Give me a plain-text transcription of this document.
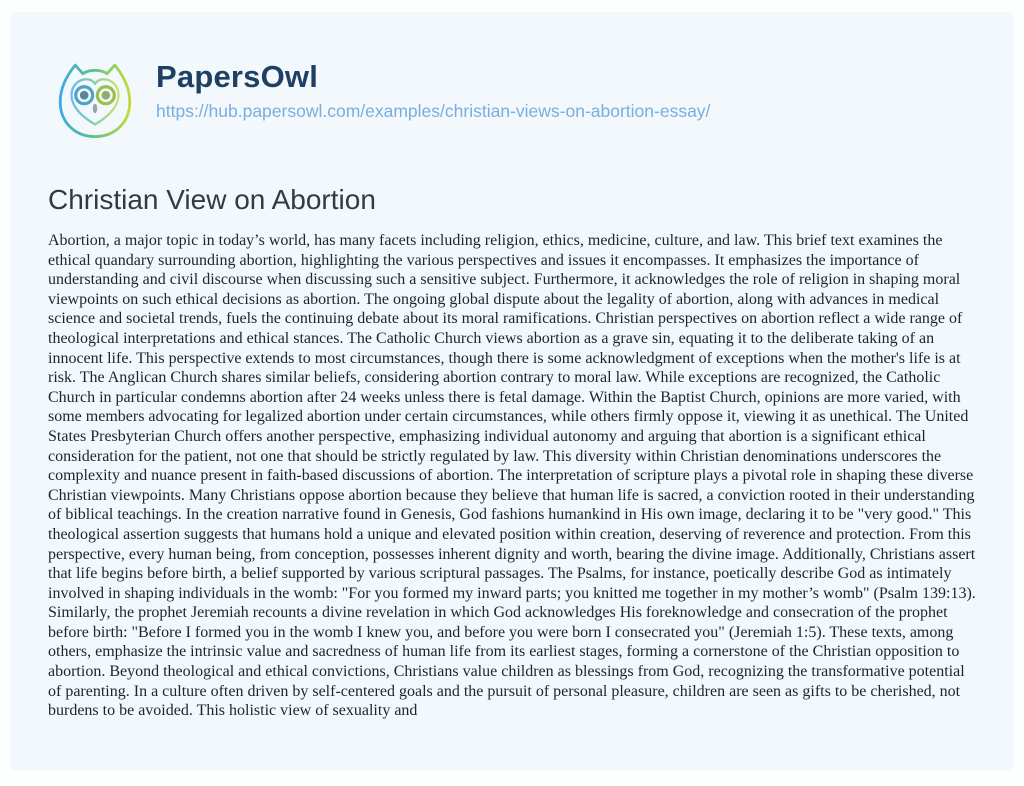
PapersOwl
https://hub.papersowl.com/examples/christian-views-on-abortion-essay/
Christian View on Abortion

Abortion, a major topic in today’s world, has many facets including religion, ethics, medicine, culture, and law. This brief text examines the ethical quandary surrounding abortion, highlighting the various perspectives and issues it encompasses. It emphasizes the importance of understanding and civil discourse when discussing such a sensitive subject. Furthermore, it acknowledges the role of religion in shaping moral viewpoints on such ethical decisions as abortion. The ongoing global dispute about the legality of abortion, along with advances in medical science and societal trends, fuels the continuing debate about its moral ramifications. Christian perspectives on abortion reflect a wide range of theological interpretations and ethical stances. The Catholic Church views abortion as a grave sin, equating it to the deliberate taking of an innocent life. This perspective extends to most circumstances, though there is some acknowledgment of exceptions when the mother's life is at risk. The Anglican Church shares similar beliefs, considering abortion contrary to moral law. While exceptions are recognized, the Catholic Church in particular condemns abortion after 24 weeks unless there is fetal damage. Within the Baptist Church, opinions are more varied, with some members advocating for legalized abortion under certain circumstances, while others firmly oppose it, viewing it as unethical. The United States Presbyterian Church offers another perspective, emphasizing individual autonomy and arguing that abortion is a significant ethical consideration for the patient, not one that should be strictly regulated by law. This diversity within Christian denominations underscores the complexity and nuance present in faith-based discussions of abortion. The interpretation of scripture plays a pivotal role in shaping these diverse Christian viewpoints. Many Christians oppose abortion because they believe that human life is sacred, a conviction rooted in their understanding of biblical teachings. In the creation narrative found in Genesis, God fashions humankind in His own image, declaring it to be "very good." This theological assertion suggests that humans hold a unique and elevated position within creation, deserving of reverence and protection. From this perspective, every human being, from conception, possesses inherent dignity and worth, bearing the divine image. Additionally, Christians assert that life begins before birth, a belief supported by various scriptural passages. The Psalms, for instance, poetically describe God as intimately involved in shaping individuals in the womb: "For you formed my inward parts; you knitted me together in my mother’s womb" (Psalm 139:13). Similarly, the prophet Jeremiah recounts a divine revelation in which God acknowledges His foreknowledge and consecration of the prophet before birth: "Before I formed you in the womb I knew you, and before you were born I consecrated you" (Jeremiah 1:5). These texts, among others, emphasize the intrinsic value and sacredness of human life from its earliest stages, forming a cornerstone of the Christian opposition to abortion. Beyond theological and ethical convictions, Christians value children as blessings from God, recognizing the transformative potential of parenting. In a culture often driven by self-centered goals and the pursuit of personal pleasure, children are seen as gifts to be cherished, not burdens to be avoided. This holistic view of sexuality and
